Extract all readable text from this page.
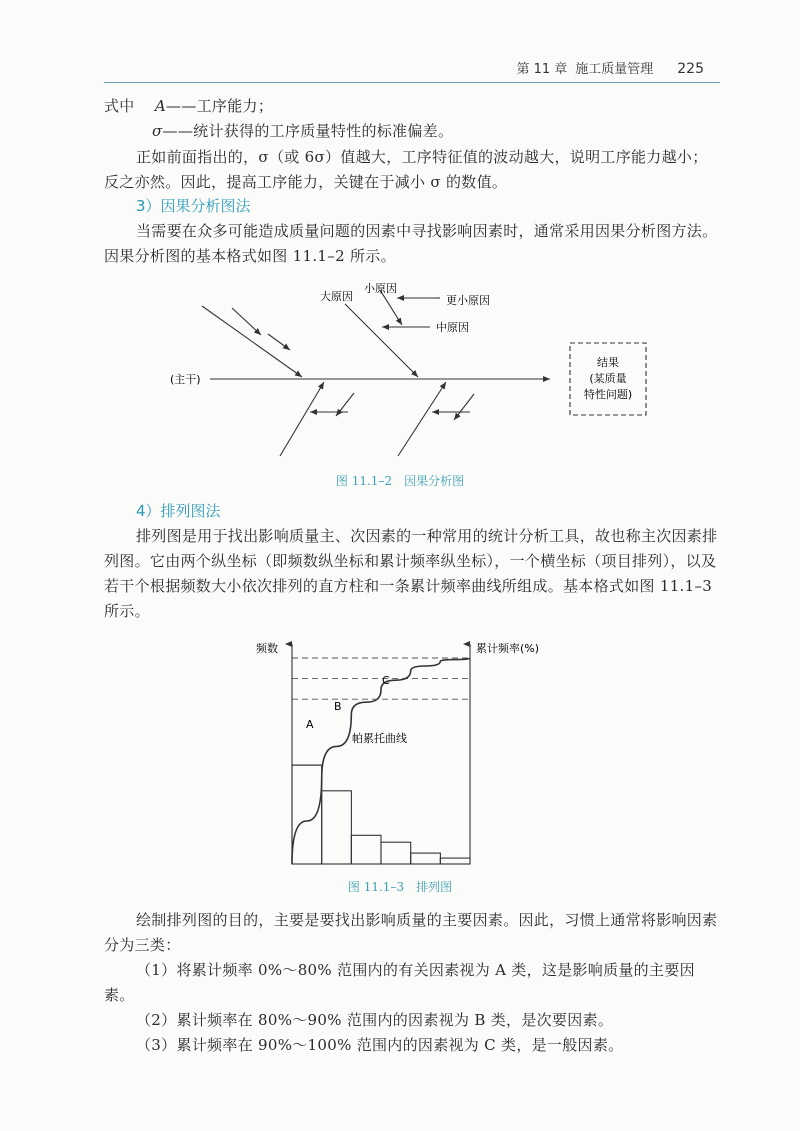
第 11 章 施工质量管理 225

式中 A——工序能力；

σ——统计获得的工序质量特性的标准偏差。

正如前面指出的，σ（或 6σ）值越大，工序特征值的波动越大，说明工序能力越小；反之亦然。因此，提高工序能力，关键在于减小 σ 的数值。

3）因果分析图法

当需要在众多可能造成质量问题的因素中寻找影响因素时，通常采用因果分析图方法。因果分析图的基本格式如图 11.1–2 所示。

大原因
小原因
更小原因
中原因
(主干)
结果
(某质量
特性问题)
图 11.1–2　因果分析图
4）排列图法

排列图是用于找出影响质量主、次因素的一种常用的统计分析工具，故也称主次因素排列图。它由两个纵坐标（即频数纵坐标和累计频率纵坐标），一个横坐标（项目排列），以及若干个根据频数大小依次排列的直方柱和一条累计频率曲线所组成。基本格式如图 11.1–3 所示。

频数	累计频率(%)
A
B
C
帕累托曲线
图 11.1–3　排列图

绘制排列图的目的，主要是要找出影响质量的主要因素。因此，习惯上通常将影响因素分为三类：

（1）将累计频率 0%～80% 范围内的有关因素视为 A 类，这是影响质量的主要因素。

（2）累计频率在 80%～90% 范围内的因素视为 B 类，是次要因素。

（3）累计频率在 90%～100% 范围内的因素视为 C 类，是一般因素。
